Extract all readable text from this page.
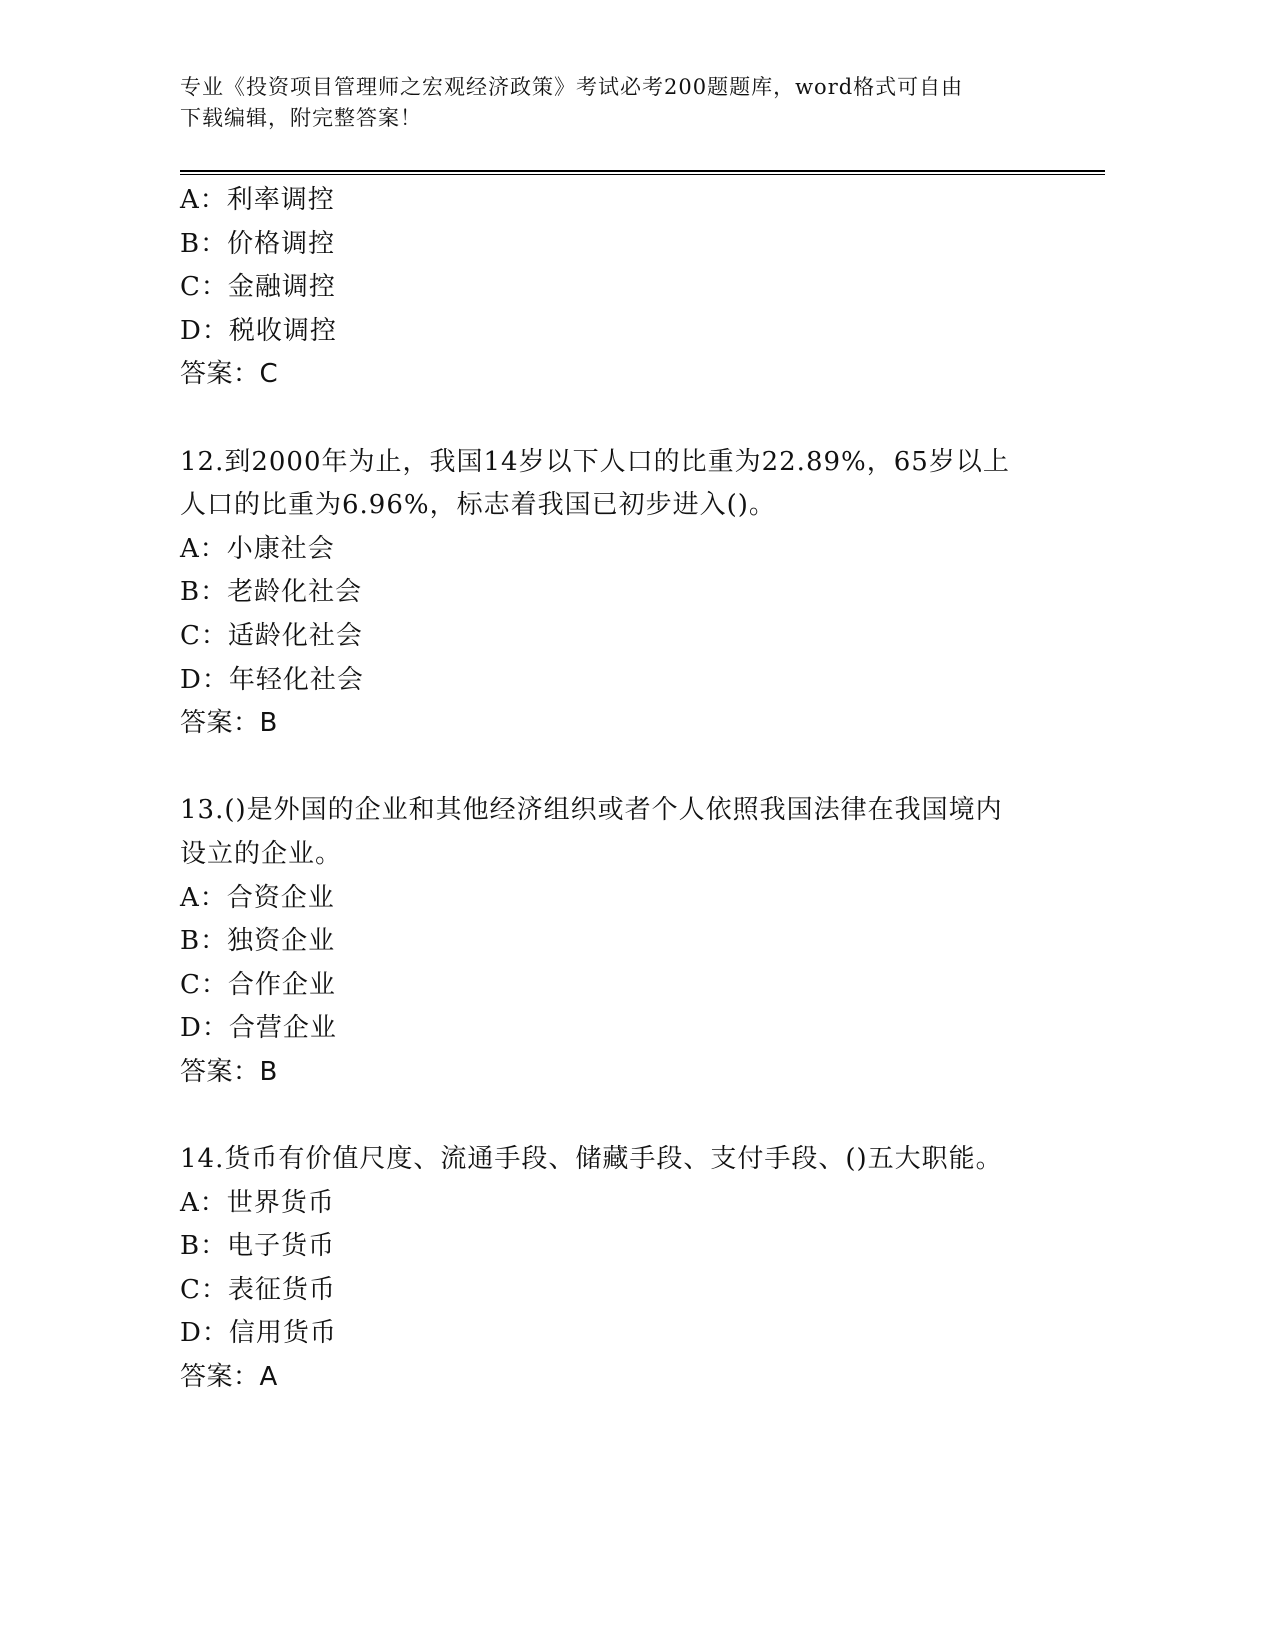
专业《投资项目管理师之宏观经济政策》考试必考200题题库，word格式可自由
下载编辑，附完整答案！
A：利率调控
B：价格调控
C：金融调控
D：税收调控
答案：C
12.到2000年为止，我国14岁以下人口的比重为22.89%，65岁以上
人口的比重为6.96%，标志着我国已初步进入()。
A：小康社会
B：老龄化社会
C：适龄化社会
D：年轻化社会
答案：B
13.()是外国的企业和其他经济组织或者个人依照我国法律在我国境内
设立的企业。
A：合资企业
B：独资企业
C：合作企业
D：合营企业
答案：B
14.货币有价值尺度、流通手段、储藏手段、支付手段、()五大职能。
A：世界货币
B：电子货币
C：表征货币
D：信用货币
答案：A
